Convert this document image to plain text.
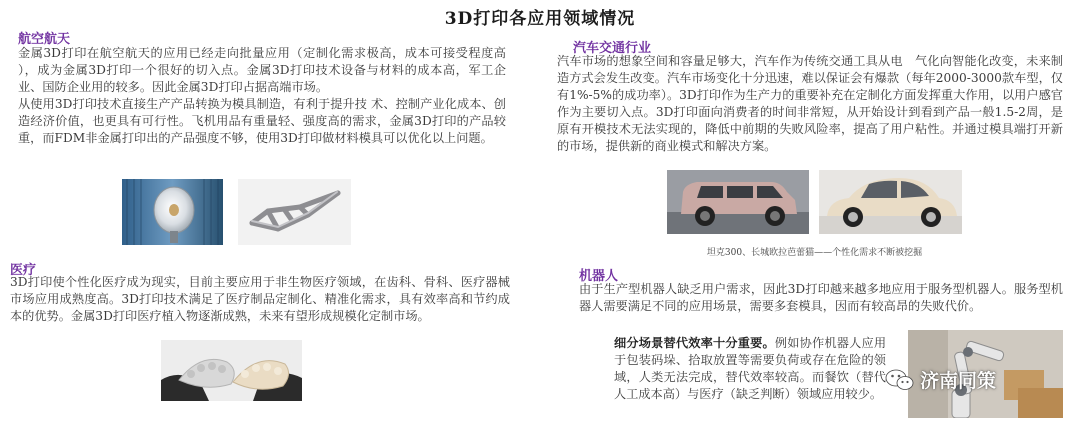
3D打印各应用领域情况
航空航天

金属3D打印在航空航天的应用已经走向批量应用（定制化需求极高，成本可接受程度高 ），成为金属3D打印一个很好的切入点。金属3D打印技术设备与材料的成本高，军工企业、国防企业用的较多。因此金属3D打印占据高端市场。

从使用3D打印技术直接生产产品转换为模具制造，有利于提升技 术、控制产业化成本、创造经济价值，也更具有可行性。飞机用品有重量轻、强度高的需求，金属3D打印的产品较重，而FDM非金属打印出的产品强度不够，使用3D打印做材料模具可以优化以上问题。

医疗

3D打印使个性化医疗成为现实，目前主要应用于非生物医疗领域，在齿科、骨科、医疗器械市场应用成熟度高。3D打印技术满足了医疗制品定制化、精准化需求，具有效率高和节约成本的优势。金属3D打印医疗植入物逐渐成熟，未来有望形成规模化定制市场。

汽车交通行业

汽车市场的想象空间和容量足够大，汽车作为传统交通工具从电　气化向智能化改变，未来制造方式会发生改变。汽车市场变化十分迅速，难以保证会有爆款（每年2000-3000款车型，仅有1%-5%的成功率）。3D打印作为生产力的重要补充在定制化方面发挥重大作用，以用户感官作为主要切入点。3D打印面向消费者的时间非常短，从开始设计到看到产品一般1.5-2周，是原有开模技术无法实现的，降低中前期的失败风险率，提高了用户粘性。并通过模具端打开新的市场，提供新的商业模式和解决方案。

坦克300、长城欧拉芭蕾猫——个性化需求不断被挖掘
机器人

由于生产型机器人缺乏用户需求，因此3D打印越来越多地应用于服务型机器人。服务型机器人需要满足不同的应用场景，需要多套模具，因而有较高昂的失败代价。

细分场景替代效率十分重要。例如协作机器人应用于包装码垛、拾取放置等需要负荷或存在危险的领域，人类无法完成，替代效率较高。而餐饮（替代人工成本高）与医疗（缺乏判断）领域应用较少。

济南同策
